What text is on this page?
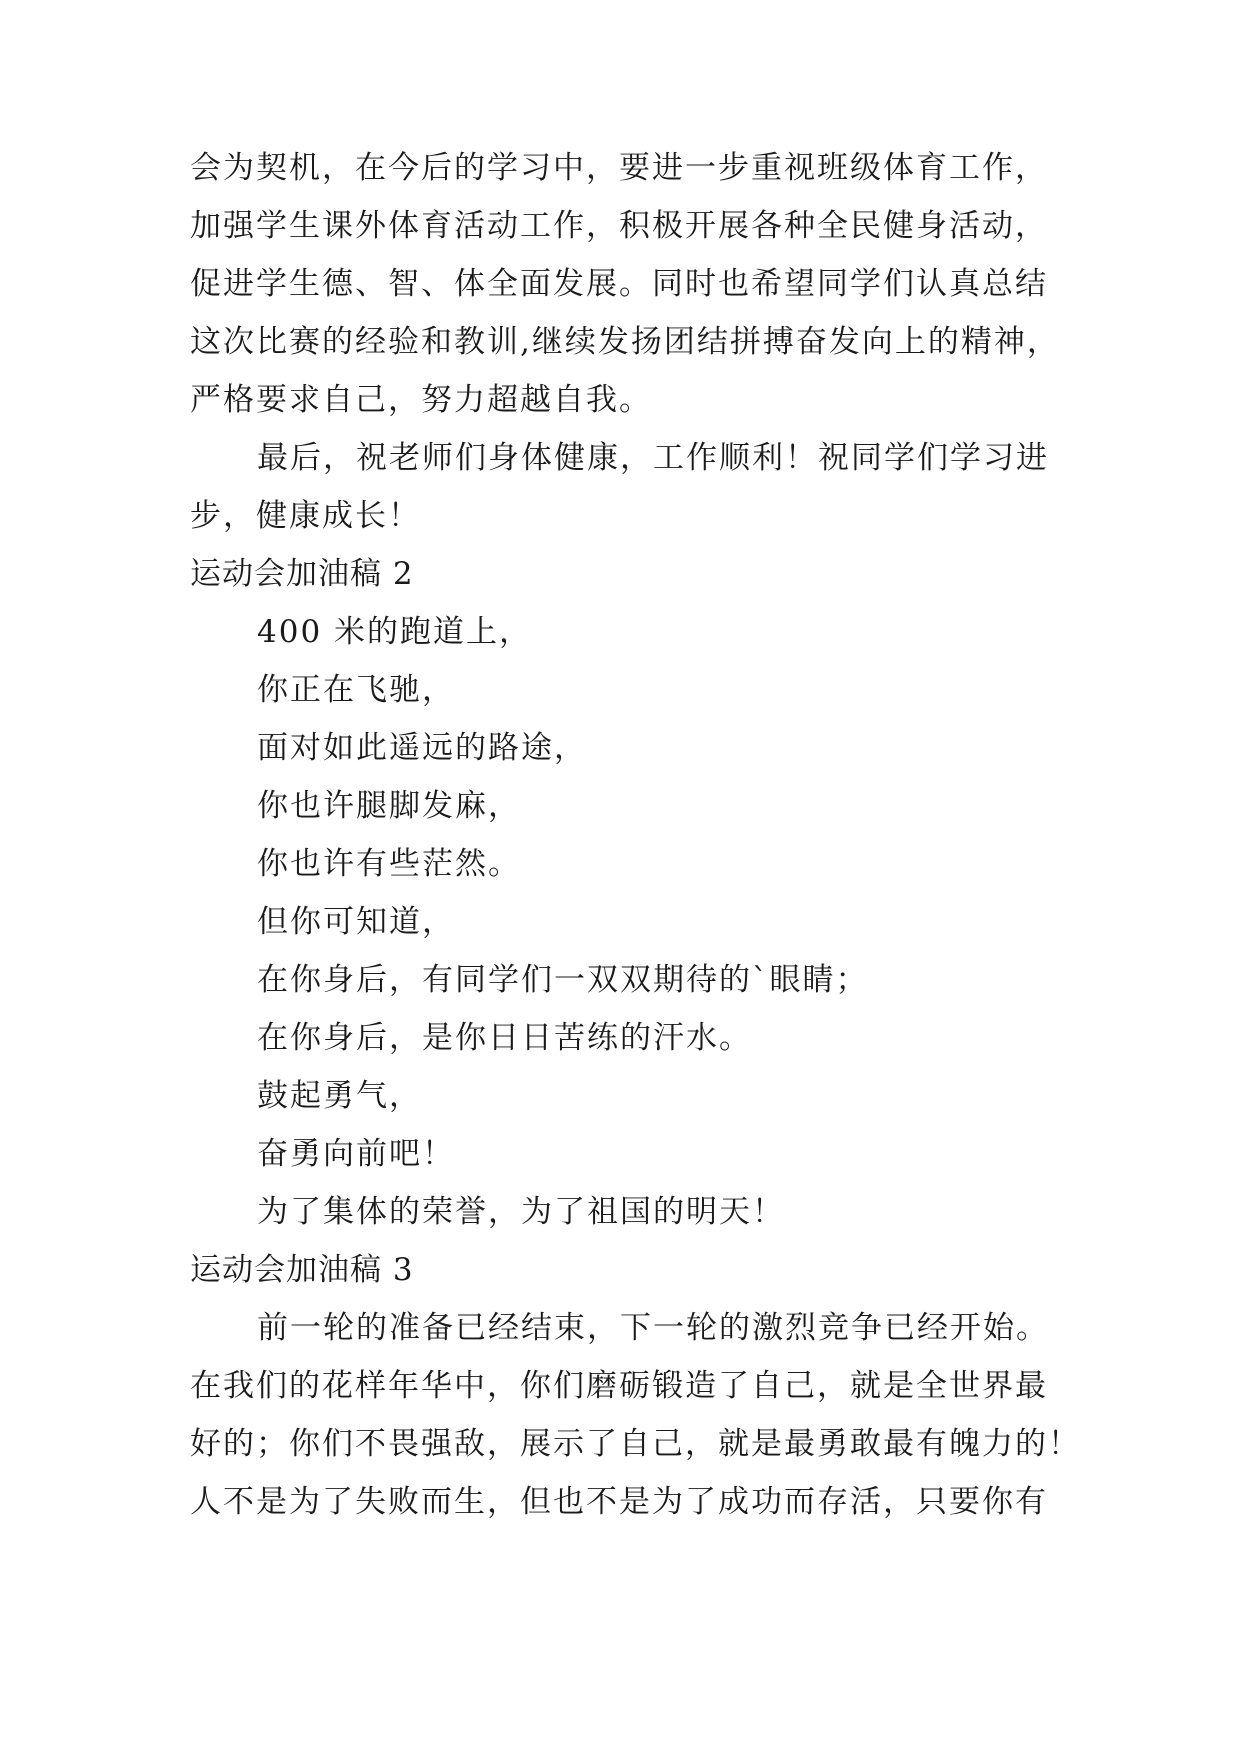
会为契机，在今后的学习中，要进一步重视班级体育工作，
加强学生课外体育活动工作，积极开展各种全民健身活动，
促进学生德、智、体全面发展。同时也希望同学们认真总结
这次比赛的经验和教训,继续发扬团结拼搏奋发向上的精神，
严格要求自己，努力超越自我。
最后，祝老师们身体健康，工作顺利！祝同学们学习进
步，健康成长！
运动会加油稿 2
400 米的跑道上，
你正在飞驰，
面对如此遥远的路途，
你也许腿脚发麻，
你也许有些茫然。
但你可知道，
在你身后，有同学们一双双期待的`眼睛；
在你身后，是你日日苦练的汗水。
鼓起勇气，
奋勇向前吧！
为了集体的荣誉，为了祖国的明天！
运动会加油稿 3
前一轮的准备已经结束，下一轮的激烈竞争已经开始。
在我们的花样年华中，你们磨砺锻造了自己，就是全世界最
好的；你们不畏强敌，展示了自己，就是最勇敢最有魄力的！
人不是为了失败而生，但也不是为了成功而存活，只要你有
